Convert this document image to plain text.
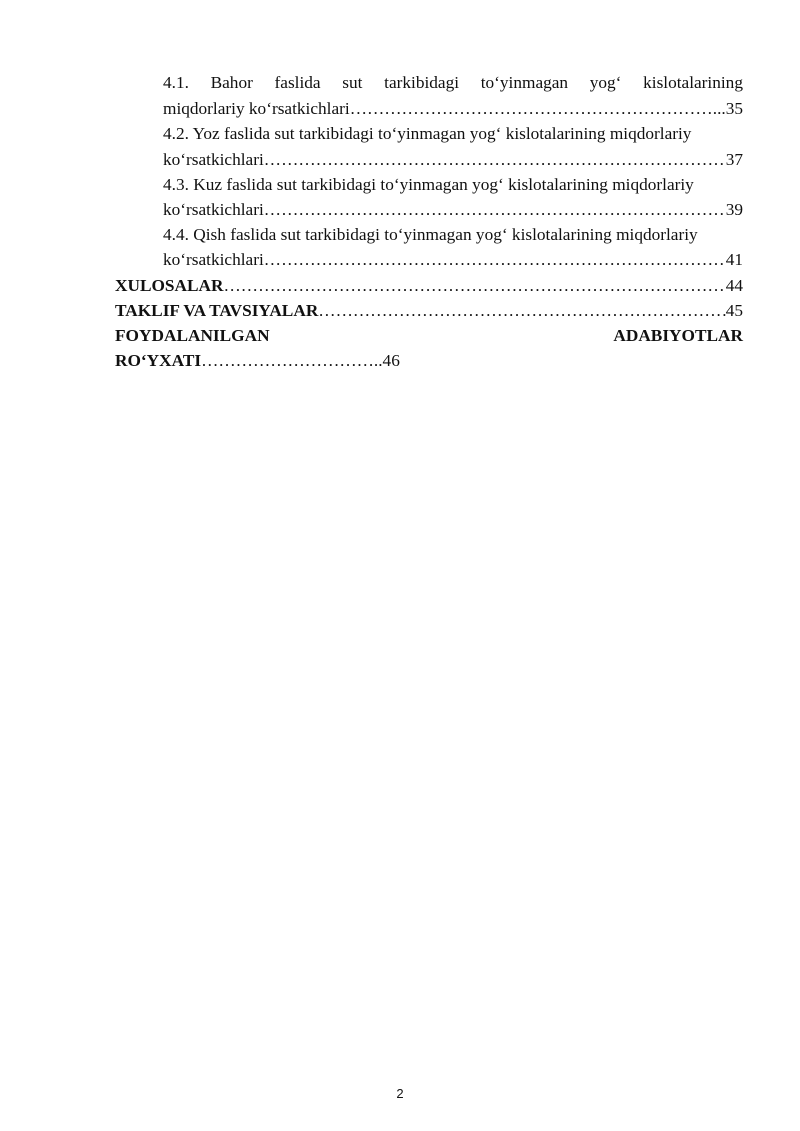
4.1. Bahor faslida sut tarkibidagi to‘yinmagan yog‘ kislotalarining
miqdorlariy ko‘rsatkichlari ………………………………………………………………………………………………………………………………………………………………………………	...35
4.2. Yoz faslida sut tarkibidagi to‘yinmagan yog‘ kislotalarining miqdorlariy
ko‘rsatkichlari ………………………………………………………………………………………………………………………………………………………………………………	37
4.3. Kuz faslida sut tarkibidagi to‘yinmagan yog‘ kislotalarining miqdorlariy
ko‘rsatkichlari ………………………………………………………………………………………………………………………………………………………………………………	39
4.4. Qish faslida sut tarkibidagi to‘yinmagan yog‘ kislotalarining miqdorlariy
ko‘rsatkichlari ………………………………………………………………………………………………………………………………………………………………………………	41
XULOSALAR ………………………………………………………………………………………………………………………………………………………………………………	44
TAKLIF VA TAVSIYALAR ………………………………………………………………………………………………………………………………………………………………………………	45
FOYDALANILGAN	ADABIYOTLAR
RO‘YXATI…………………………..46
2
